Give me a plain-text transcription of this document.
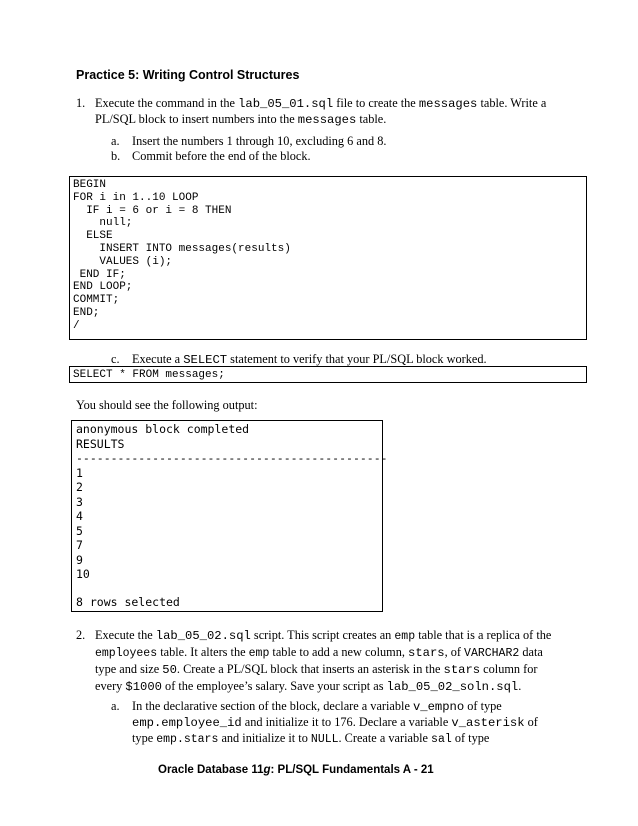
Practice 5: Writing Control Structures
1. Execute the command in the lab_05_01.sql file to create the messages table. Write a
PL/SQL block to insert numbers into the messages table.
a. Insert the numbers 1 through 10, excluding 6 and 8.
b. Commit before the end of the block.
BEGIN
FOR i in 1..10 LOOP
IF i = 6 or i = 8 THEN
null;
ELSE
INSERT INTO messages(results)
VALUES (i);
END IF;
END LOOP;
COMMIT;
END;
/
c. Execute a SELECT statement to verify that your PL/SQL block worked.
SELECT * FROM messages;
You should see the following output:
anonymous block completed
RESULTS
---------------------------------------------
1
2
3
4
5
7
9
10
8 rows selected
2. Execute the lab_05_02.sql script. This script creates an emp table that is a replica of the
employees table. It alters the emp table to add a new column, stars, of VARCHAR2 data
type and size 50. Create a PL/SQL block that inserts an asterisk in the stars column for
every $1000 of the employee’s salary. Save your script as lab_05_02_soln.sql.
a. In the declarative section of the block, declare a variable v_empno of type
emp.employee_id and initialize it to 176. Declare a variable v_asterisk of
type emp.stars and initialize it to NULL. Create a variable sal of type
Oracle Database 11g: PL/SQL Fundamentals A - 21
